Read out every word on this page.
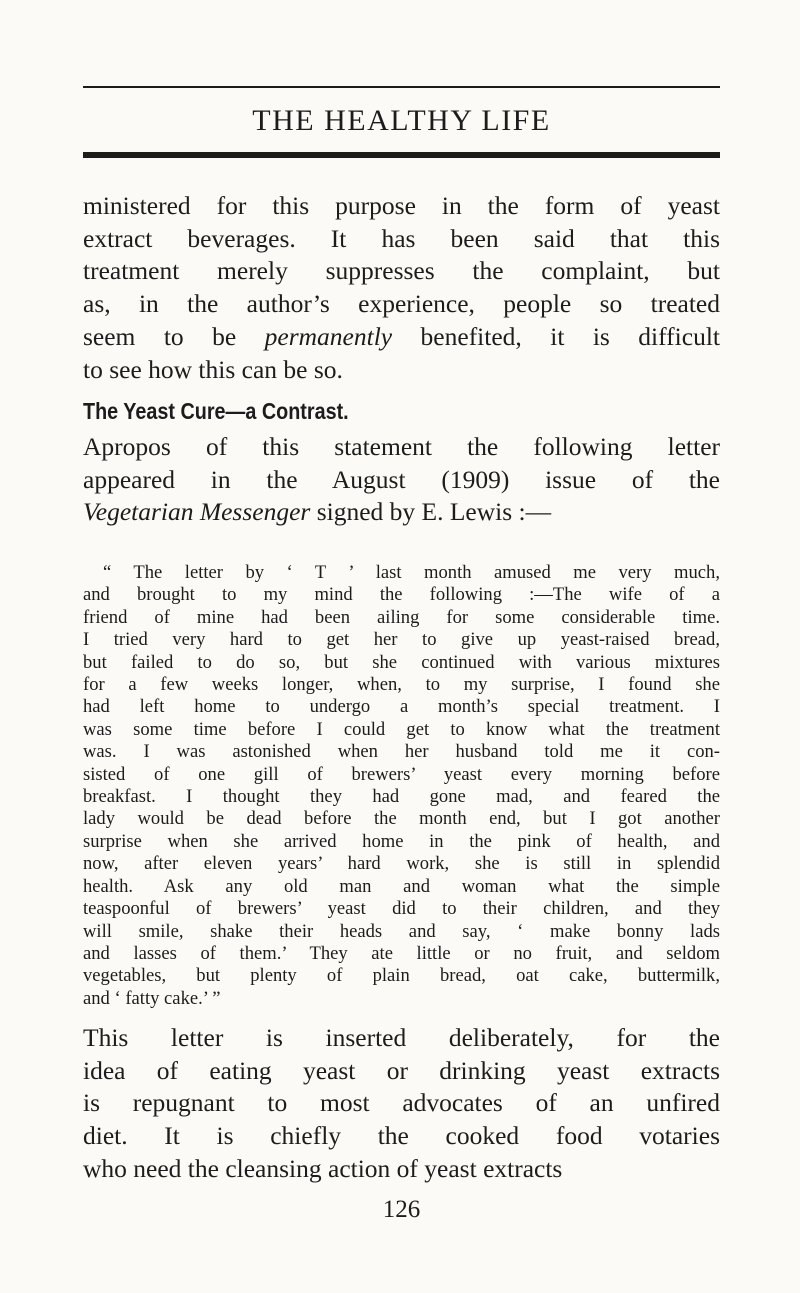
THE HEALTHY LIFE

ministered for this purpose in the form of yeast
extract beverages. It has been said that this
treatment merely suppresses the complaint, but
as, in the author’s experience, people so treated
seem to be permanently benefited, it is difficult
to see how this can be so.

The Yeast Cure—a Contrast.

Apropos of this statement the following letter
appeared in the August (1909) issue of the
Vegetarian Messenger signed by E. Lewis :—

“ The letter by ‘ T ’ last month amused me very much,
and brought to my mind the following :—The wife of a
friend of mine had been ailing for some considerable time.
I tried very hard to get her to give up yeast-raised bread,
but failed to do so, but she continued with various mixtures
for a few weeks longer, when, to my surprise, I found she
had left home to undergo a month’s special treatment. I
was some time before I could get to know what the treatment
was. I was astonished when her husband told me it con-
sisted of one gill of brewers’ yeast every morning before
breakfast. I thought they had gone mad, and feared the
lady would be dead before the month end, but I got another
surprise when she arrived home in the pink of health, and
now, after eleven years’ hard work, she is still in splendid
health. Ask any old man and woman what the simple
teaspoonful of brewers’ yeast did to their children, and they
will smile, shake their heads and say, ‘ make bonny lads
and lasses of them.’ They ate little or no fruit, and seldom
vegetables, but plenty of plain bread, oat cake, buttermilk,
and ‘ fatty cake.’ ”

This letter is inserted deliberately, for the
idea of eating yeast or drinking yeast extracts
is repugnant to most advocates of an unfired
diet. It is chiefly the cooked food votaries
who need the cleansing action of yeast extracts

126
